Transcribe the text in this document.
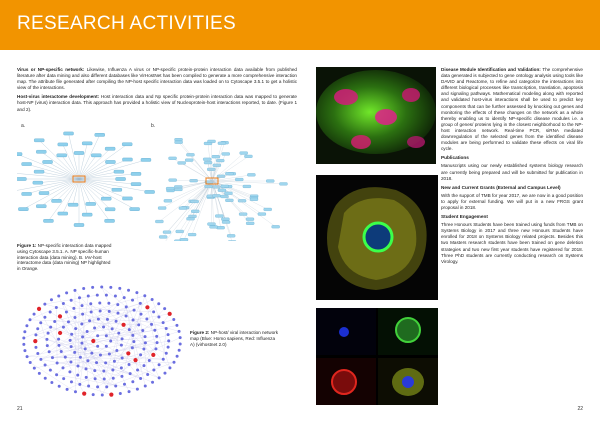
RESEARCH ACTIVITIES

Virus or NP-specific network: Likewise, Influenza A virus or NP-specific protein-protein interaction data available from published literature after data mining and also different databases like VirHostNet has been compiled to generate a more comprehensive interaction map. The attribute file generated after compiling the NP-host specific interaction data was loaded on to Cytoscape 3.5.1 to get a holistic view of the interactions.

Host-virus interactome development: Host interaction data and Np specific protein-protein interaction data was mapped to generate host-NP (virus) interaction data. This approach has provided a holistic view of Nucleoprotein-host interactions reported, to date. (Figure 1 and 2).

a.	b.
Figure 1: NP-specific interaction data mapped using Cytoscape 3.5.1. A. NP specific-human interaction data (data mining). B. IAV-host interactome data (data mining) NP highlighted in Orange.
Figure 2: NP-host/ viral interaction network map (Blue: Homo sapiens, Red: Influenza A) (virhostnet 2.0)
21

Disease Module Identification and Validation: The comprehensive data generated is subjected to gene ontology analysis using tools like DAVID and Reactome, to refine and categorize the interactions into different biological processes like transcription, translation, apoptosis and signaling pathways. Mathematical modeling along with reported and validated host-virus interactions shall be used to predict key components that can be further assessed by knocking out genes and monitoring the effects of these changes on the network as a whole thereby enabling us to identify NP-specific disease modules i.e. a group of genes/ proteins lying in the closest neighborhood to the NP-host interaction network. Real-time PCR, siRNA mediated downregulation of the selected genes from the identified disease modules are being performed to validate these effects on viral life cycle.

Publications

Manuscripts using our newly established systems biology research are currently being prepared and will be submitted for publication in 2018.

New and Current Grants (External and Campus Level)

With the support of TMB for year 2017, we are now in a good position to apply for external funding. We will put in a new FRGS grant proposal in 2018.

Student Engagement

Three Honours Students have been trained using funds from TMB on Systems Biology in 2017 and three new Honours Students have enrolled for 2018 on Systems Biology related projects. Besides this two Masters research students have been trained on gene deletion strategies and two new first year students have registered for 2018. Three PhD students are currently conducting research on Systems Virology.

22
